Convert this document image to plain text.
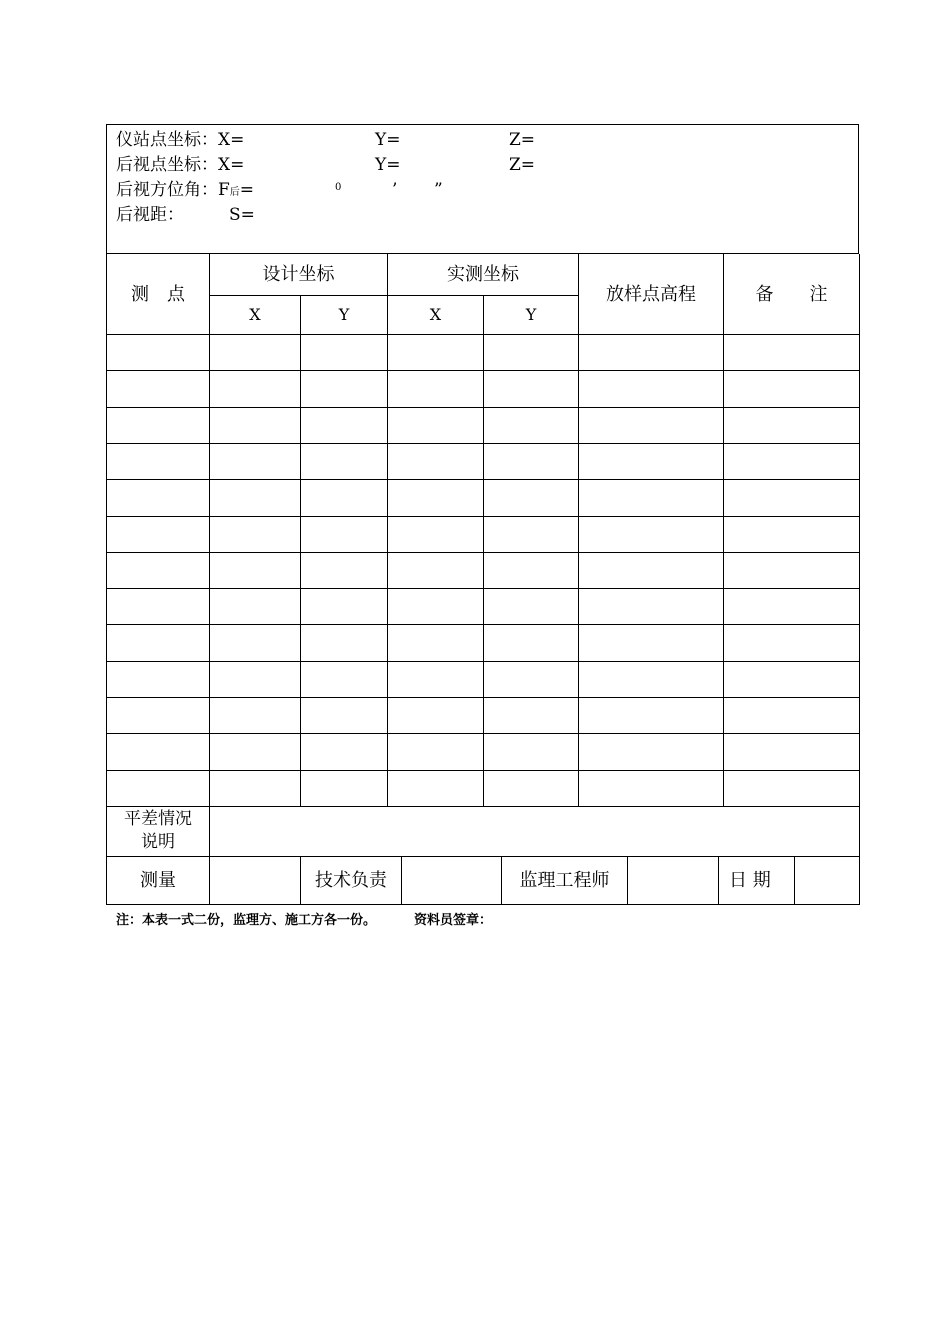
仪站点坐标：X=	Y=	Z=
后视点坐标：X=	Y=	Z=
后视方位角：F后=	0	’ ”
后视距：	S=
测　点
设计坐标	实测坐标
X	Y	X	Y
放样点高程	备　　注
平差情况说明
测量	技术负责	监理工程师	日 期
注：本表一式二份，监理方、施工方各一份。	资料员签章：
